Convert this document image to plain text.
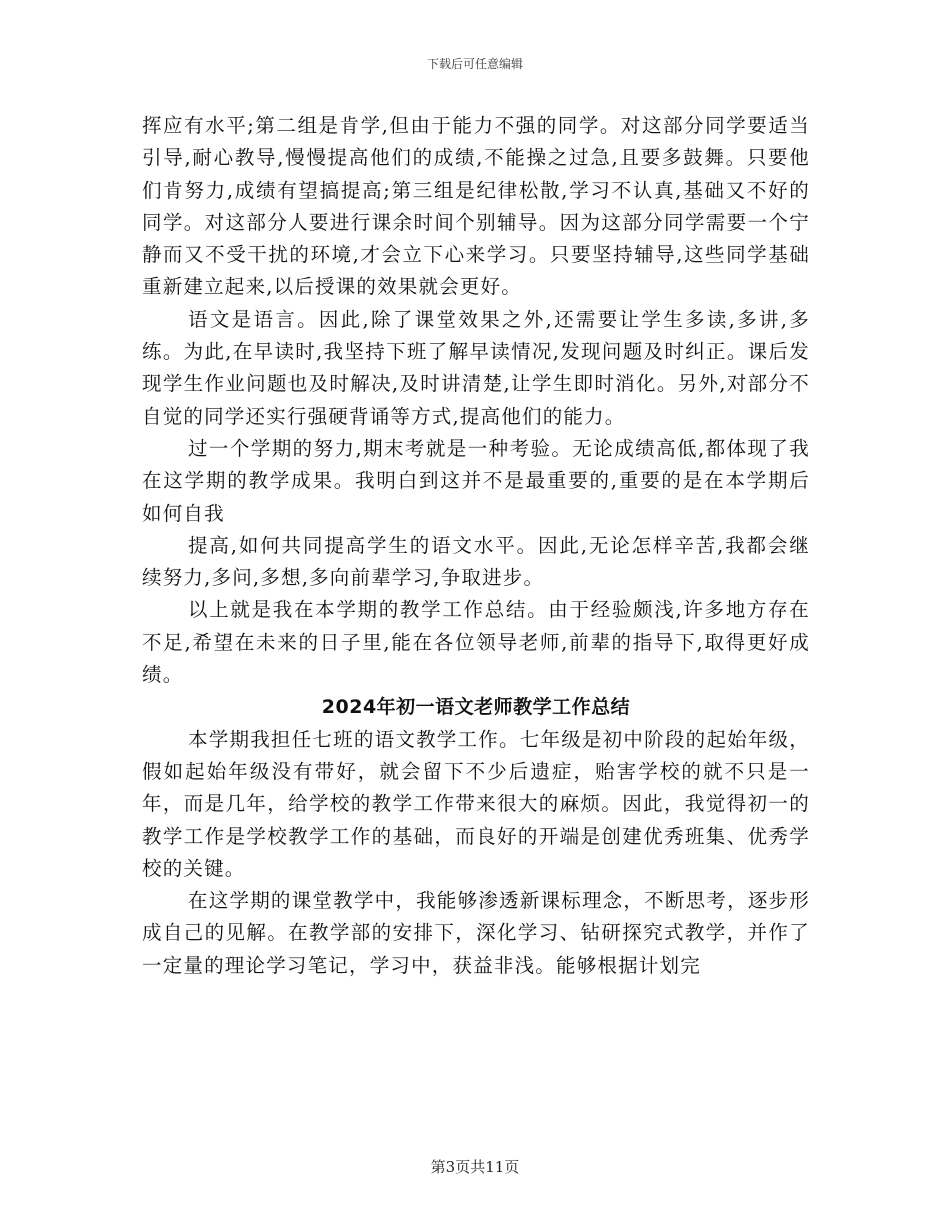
下载后可任意编辑

挥应有水平;第二组是肯学,但由于能力不强的同学。对这部分同学要适当引导,耐心教导,慢慢提高他们的成绩,不能操之过急,且要多鼓舞。只要他们肯努力,成绩有望搞提高;第三组是纪律松散,学习不认真,基础又不好的同学。对这部分人要进行课余时间个别辅导。因为这部分同学需要一个宁静而又不受干扰的环境,才会立下心来学习。只要坚持辅导,这些同学基础重新建立起来,以后授课的效果就会更好。

语文是语言。因此,除了课堂效果之外,还需要让学生多读,多讲,多练。为此,在早读时,我坚持下班了解早读情况,发现问题及时纠正。课后发现学生作业问题也及时解决,及时讲清楚,让学生即时消化。另外,对部分不自觉的同学还实行强硬背诵等方式,提高他们的能力。

过一个学期的努力,期末考就是一种考验。无论成绩高低,都体现了我在这学期的教学成果。我明白到这并不是最重要的,重要的是在本学期后如何自我

提高,如何共同提高学生的语文水平。因此,无论怎样辛苦,我都会继续努力,多问,多想,多向前辈学习,争取进步。

以上就是我在本学期的教学工作总结。由于经验颇浅,许多地方存在不足,希望在未来的日子里,能在各位领导老师,前辈的指导下,取得更好成绩。

2024年初一语文老师教学工作总结

本学期我担任七班的语文教学工作。七年级是初中阶段的起始年级，假如起始年级没有带好，就会留下不少后遗症，贻害学校的就不只是一年，而是几年，给学校的教学工作带来很大的麻烦。因此，我觉得初一的教学工作是学校教学工作的基础，而良好的开端是创建优秀班集、优秀学校的关键。

在这学期的课堂教学中，我能够渗透新课标理念，不断思考，逐步形成自己的见解。在教学部的安排下，深化学习、钻研探究式教学，并作了一定量的理论学习笔记，学习中，获益非浅。能够根据计划完

第3页共11页
